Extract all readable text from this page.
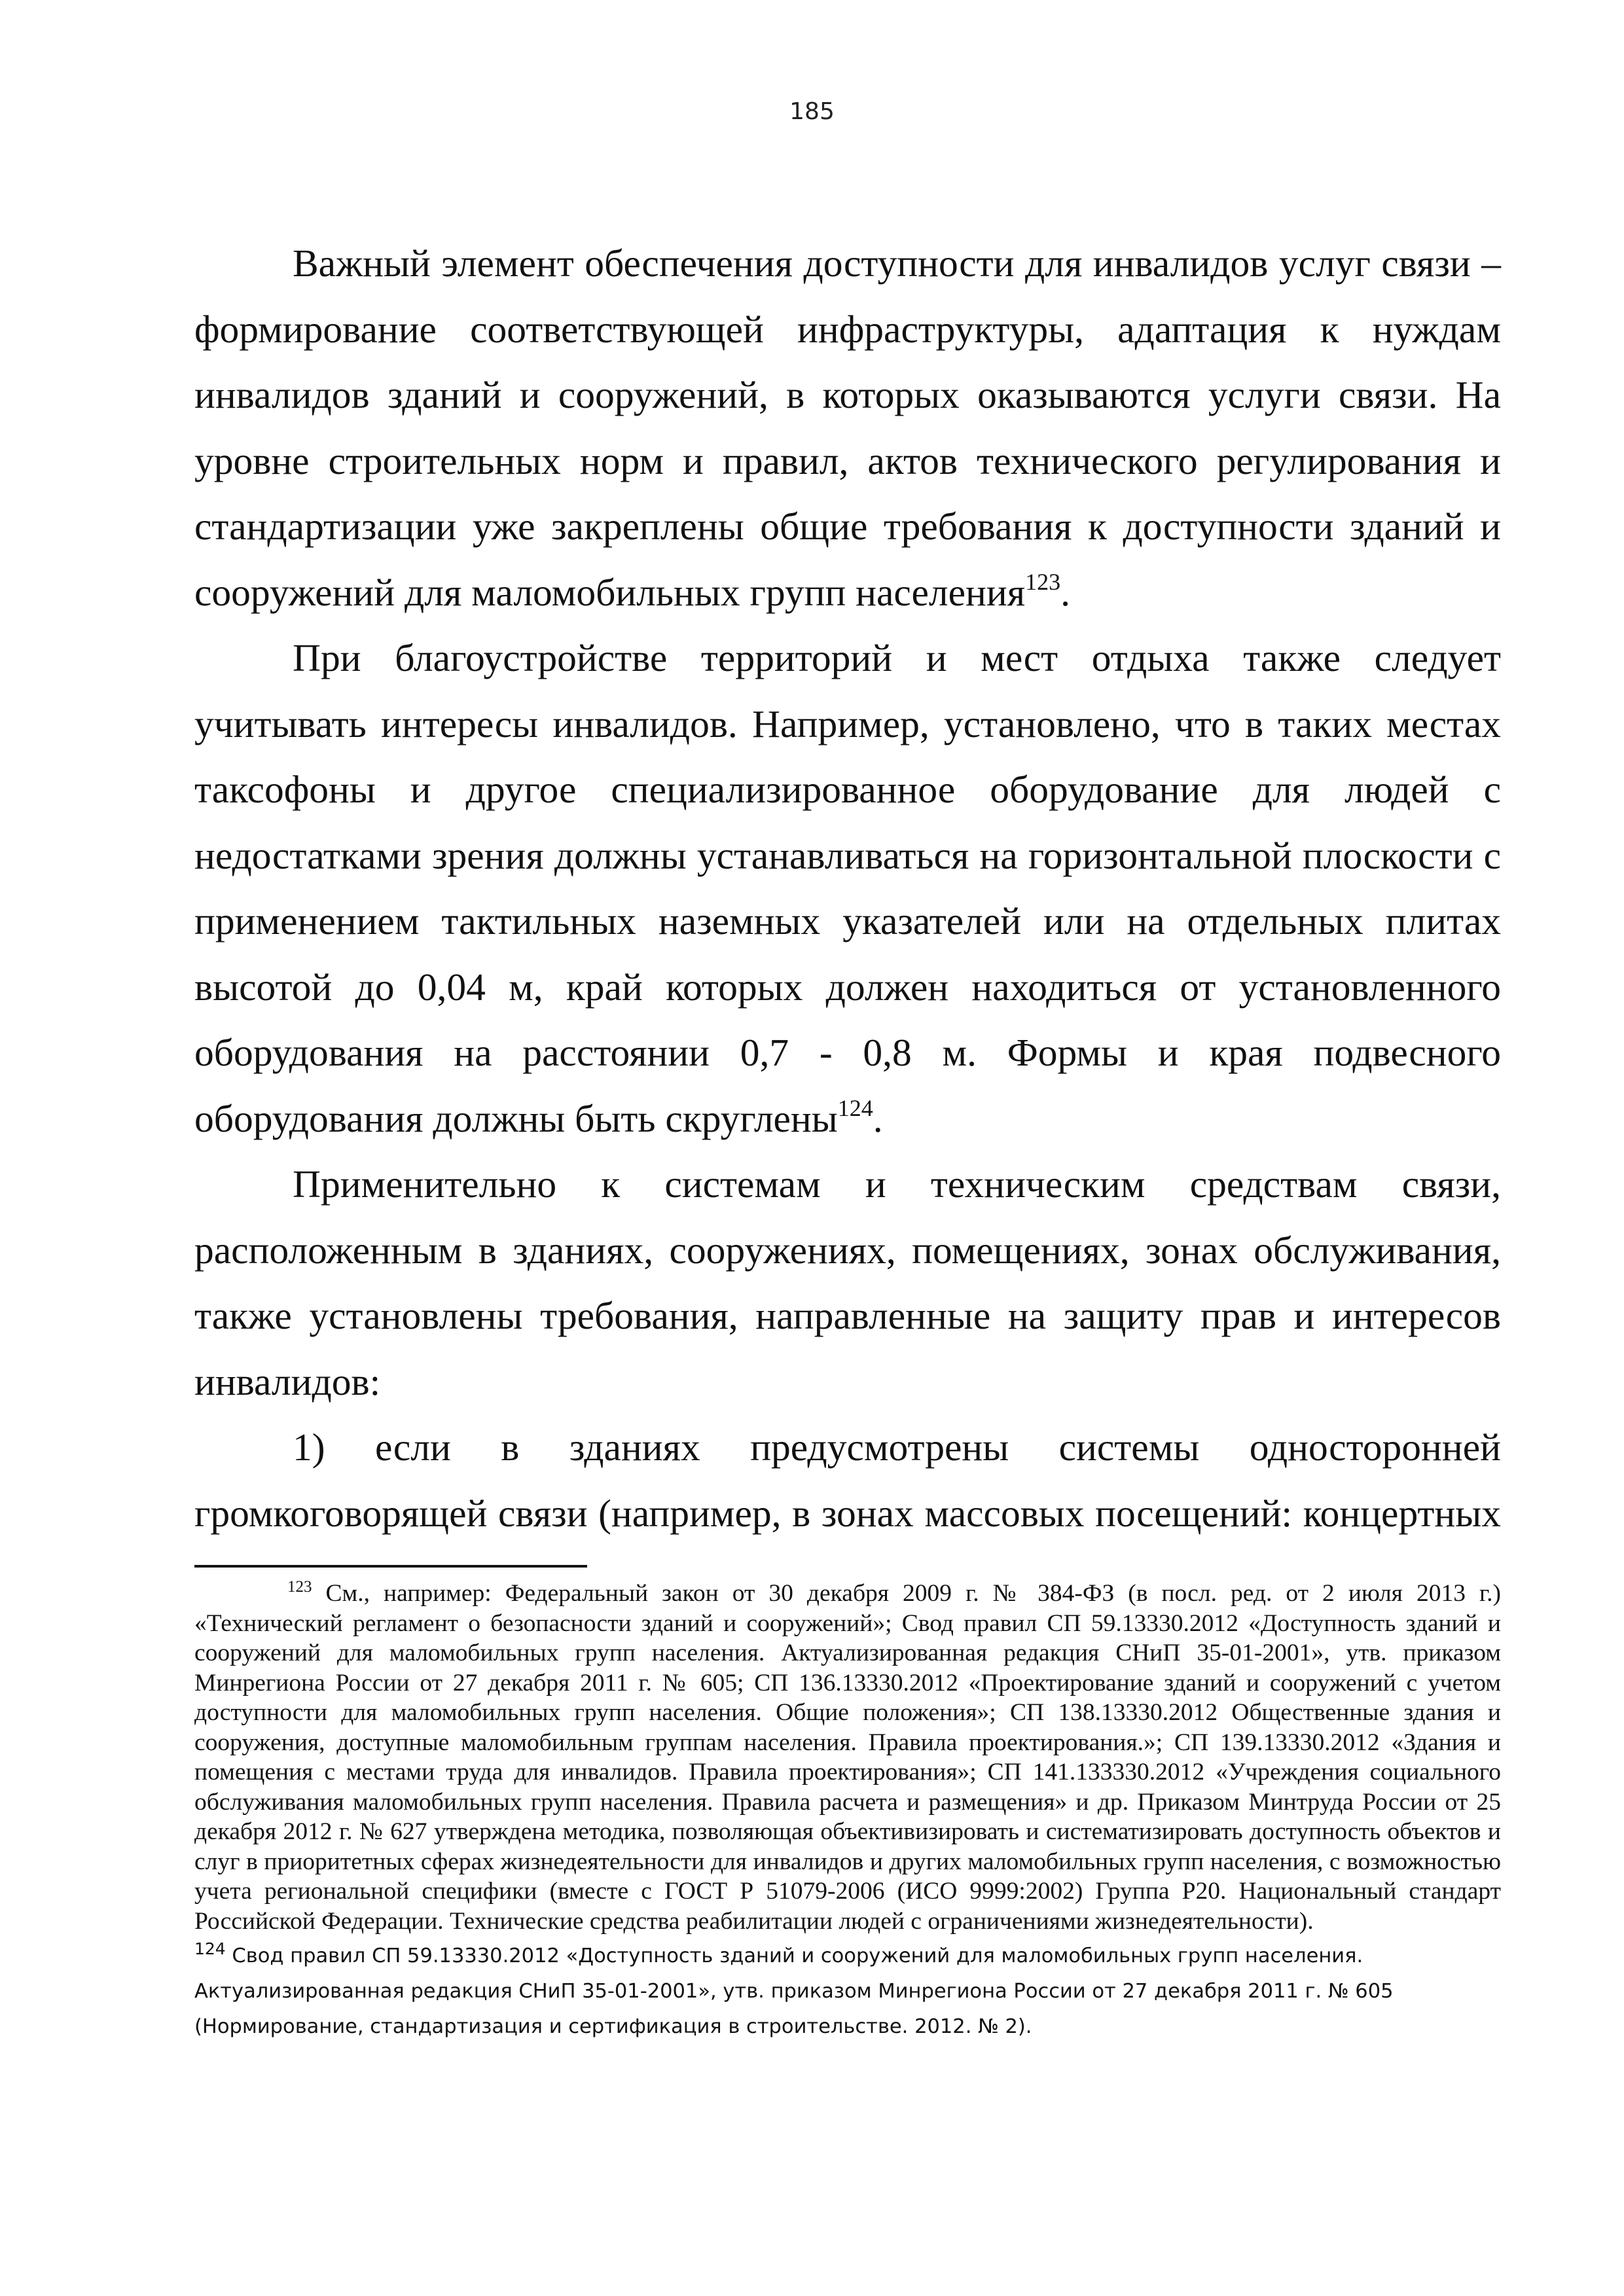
185

Важный элемент обеспечения доступности для инвалидов услуг связи – формирование соответствующей инфраструктуры, адаптация к нуждам инвалидов зданий и сооружений, в которых оказываются услуги связи. На уровне строительных норм и правил, актов технического регулирования и стандартизации уже закреплены общие требования к доступности зданий и сооружений для маломобильных групп населения$^{123}$.

При благоустройстве территорий и мест отдыха также следует учитывать интересы инвалидов. Например, установлено, что в таких местах таксофоны и другое специализированное оборудование для людей с недостатками зрения должны устанавливаться на горизонтальной плоскости с применением тактильных наземных указателей или на отдельных плитах высотой до 0,04 м, край которых должен находиться от установленного оборудования на расстоянии 0,7 - 0,8 м. Формы и края подвесного оборудования должны быть скруглены$^{124}$.

Применительно к системам и техническим средствам связи, расположенным в зданиях, сооружениях, помещениях, зонах обслуживания, также установлены требования, направленные на защиту прав и интересов инвалидов:

1) если в зданиях предусмотрены системы односторонней громкоговорящей связи (например, в зонах массовых посещений: концертных

$^{123}$ См., например: Федеральный закон от 30 декабря 2009 г. № 384-ФЗ (в посл. ред. от 2 июля 2013 г.) «Технический регламент о безопасности зданий и сооружений»; Свод правил СП 59.13330.2012 «Доступность зданий и сооружений для маломобильных групп населения. Актуализированная редакция СНиП 35-01-2001», утв. приказом Минрегиона России от 27 декабря 2011 г. № 605; СП 136.13330.2012 «Проектирование зданий и сооружений с учетом доступности для маломобильных групп населения. Общие положения»; СП 138.13330.2012 Общественные здания и сооружения, доступные маломобильным группам населения. Правила проектирования.»; СП 139.13330.2012 «Здания и помещения с местами труда для инвалидов. Правила проектирования»; СП 141.133330.2012 «Учреждения социального обслуживания маломобильных групп населения. Правила расчета и размещения» и др. Приказом Минтруда России от 25 декабря 2012 г. № 627 утверждена методика, позволяющая объективизировать и систематизировать доступность объектов и слуг в приоритетных сферах жизнедеятельности для инвалидов и других маломобильных групп населения, с возможностью учета региональной специфики (вместе с ГОСТ Р 51079-2006 (ИСО 9999:2002) Группа Р20. Национальный стандарт Российской Федерации. Технические средства реабилитации людей с ограничениями жизнедеятельности).

$^{124}$ Свод правил СП 59.13330.2012 «Доступность зданий и сооружений для маломобильных групп населения.
Актуализированная редакция СНиП 35-01-2001», утв. приказом Минрегиона России от 27 декабря 2011 г. № 605
(Нормирование, стандартизация и сертификация в строительстве. 2012. № 2).
